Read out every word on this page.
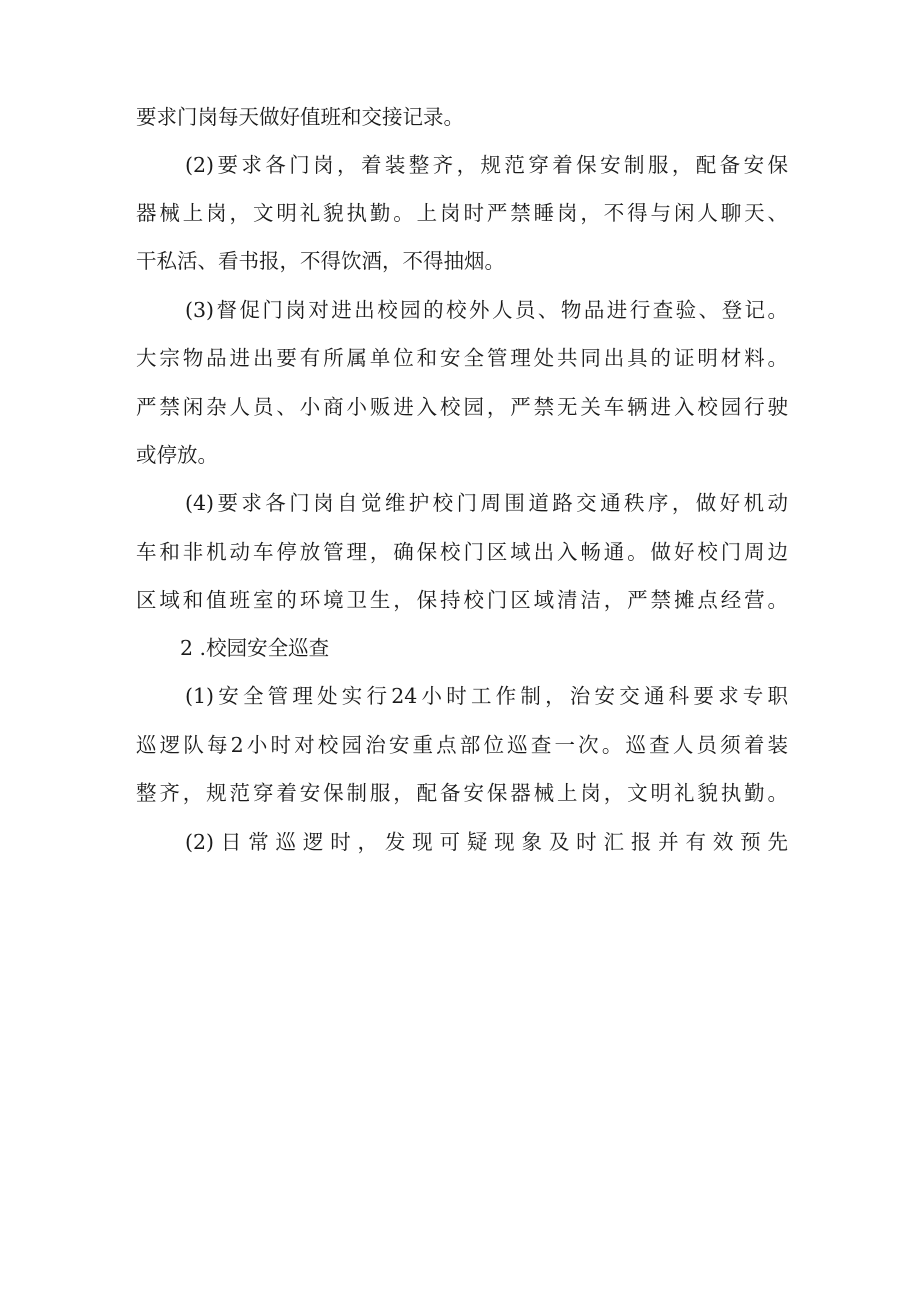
要求门岗每天做好值班和交接记录。
(2)要求各门岗，着装整齐，规范穿着保安制服，配备安保
器械上岗，文明礼貌执勤。上岗时严禁睡岗，不得与闲人聊天、
干私活、看书报，不得饮酒，不得抽烟。
(3)督促门岗对进出校园的校外人员、物品进行查验、登记。
大宗物品进出要有所属单位和安全管理处共同出具的证明材料。
严禁闲杂人员、小商小贩进入校园，严禁无关车辆进入校园行驶
或停放。
(4)要求各门岗自觉维护校门周围道路交通秩序，做好机动
车和非机动车停放管理，确保校门区域出入畅通。做好校门周边
区域和值班室的环境卫生，保持校门区域清洁，严禁摊点经营。
2 .校园安全巡查
(1)安全管理处实行24小时工作制，治安交通科要求专职
巡逻队每2小时对校园治安重点部位巡查一次。巡查人员须着装
整齐，规范穿着安保制服，配备安保器械上岗，文明礼貌执勤。
(2)日常巡逻时，发现可疑现象及时汇报并有效预先
